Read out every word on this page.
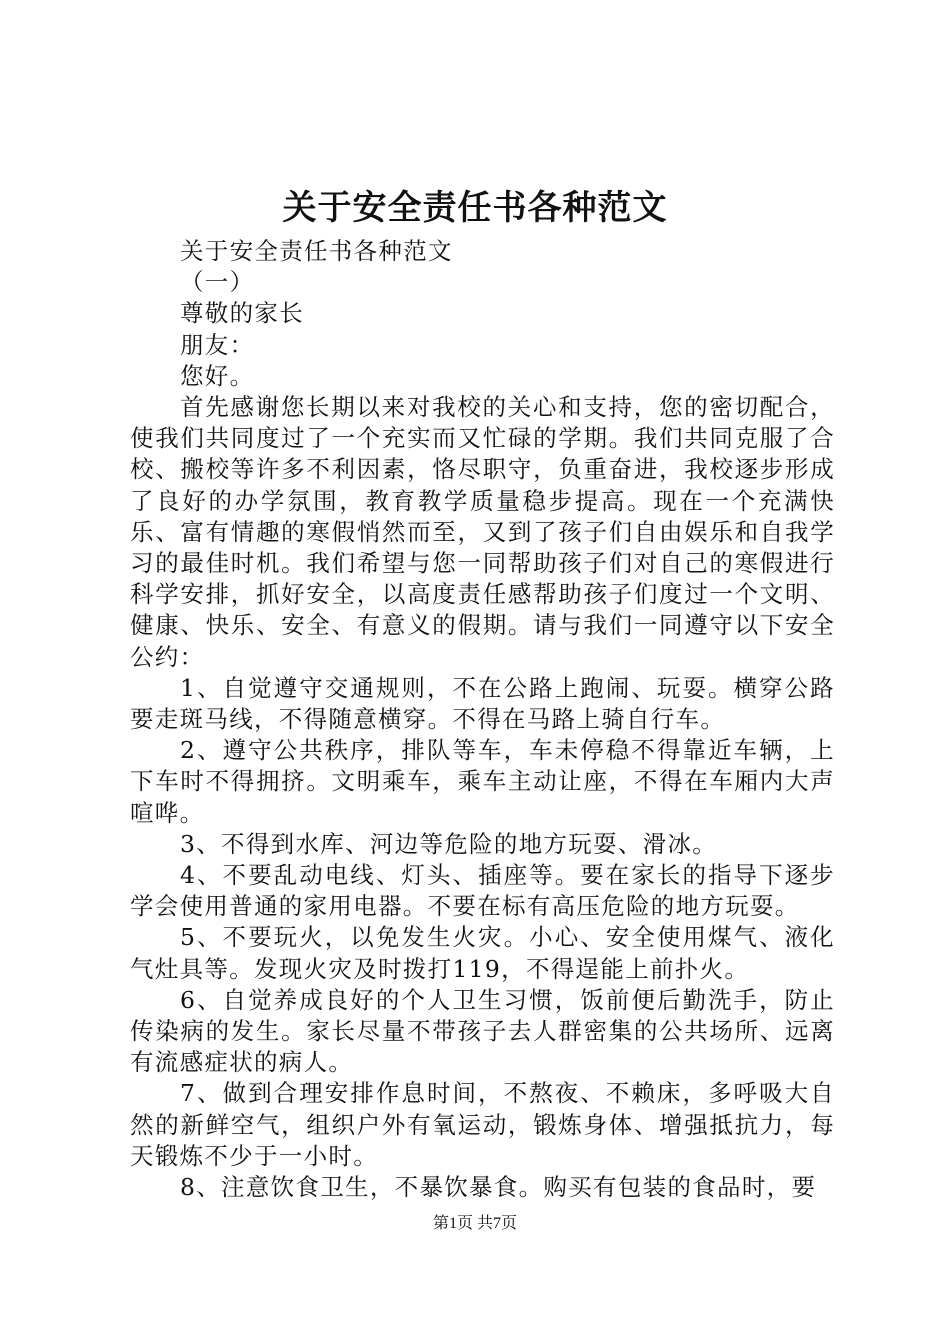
关于安全责任书各种范文

关于安全责任书各种范文

（一）

尊敬的家长

朋友：

您好。

首先感谢您长期以来对我校的关心和支持，您的密切配合，使我们共同度过了一个充实而又忙碌的学期。我们共同克服了合校、搬校等许多不利因素，恪尽职守，负重奋进，我校逐步形成了良好的办学氛围，教育教学质量稳步提高。现在一个充满快乐、富有情趣的寒假悄然而至，又到了孩子们自由娱乐和自我学习的最佳时机。我们希望与您一同帮助孩子们对自己的寒假进行科学安排，抓好安全，以高度责任感帮助孩子们度过一个文明、健康、快乐、安全、有意义的假期。请与我们一同遵守以下安全公约：

1、自觉遵守交通规则，不在公路上跑闹、玩耍。横穿公路要走斑马线，不得随意横穿。不得在马路上骑自行车。

2、遵守公共秩序，排队等车，车未停稳不得靠近车辆，上下车时不得拥挤。文明乘车，乘车主动让座，不得在车厢内大声喧哗。

3、不得到水库、河边等危险的地方玩耍、滑冰。

4、不要乱动电线、灯头、插座等。要在家长的指导下逐步学会使用普通的家用电器。不要在标有高压危险的地方玩耍。

5、不要玩火，以免发生火灾。小心、安全使用煤气、液化气灶具等。发现火灾及时拨打119，不得逞能上前扑火。

6、自觉养成良好的个人卫生习惯，饭前便后勤洗手，防止传染病的发生。家长尽量不带孩子去人群密集的公共场所、远离有流感症状的病人。

7、做到合理安排作息时间，不熬夜、不赖床，多呼吸大自然的新鲜空气，组织户外有氧运动，锻炼身体、增强抵抗力，每天锻炼不少于一小时。

8、注意饮食卫生，不暴饮暴食。购买有包装的食品时，要

第1页 共7页
